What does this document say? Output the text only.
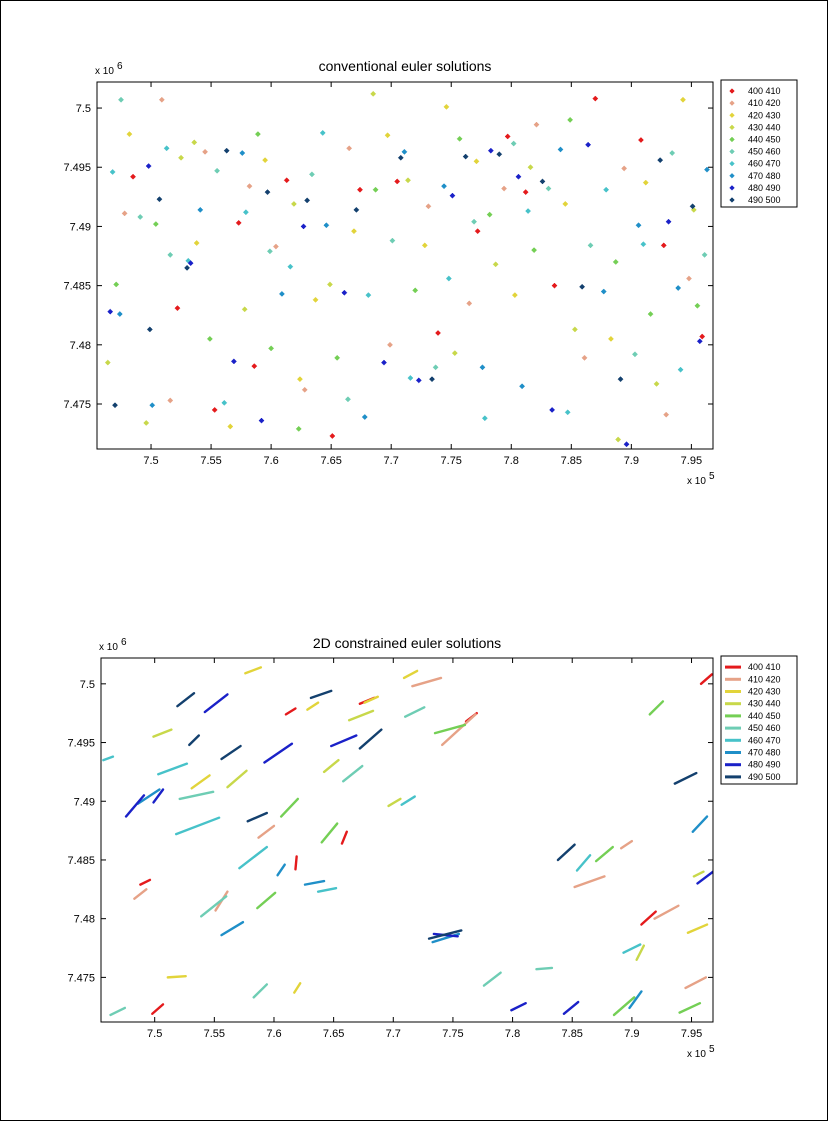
7.5	7.55	7.6	7.65	7.7	7.75	7.8	7.85	7.9	7.95
7.475
7.48
7.485
7.49
7.495
7.5
x 10 6
x 10 5
conventional euler solutions
400 410
410 420
420 430
430 440
440 450
450 460
460 470
470 480
480 490
490 500
7.5	7.55	7.6	7.65	7.7	7.75	7.8	7.85	7.9	7.95
7.475
7.48
7.485
7.49
7.495
7.5
x 10 6
x 10 5
2D constrained euler solutions
400 410
410 420
420 430
430 440
440 450
450 460
460 470
470 480
480 490
490 500
